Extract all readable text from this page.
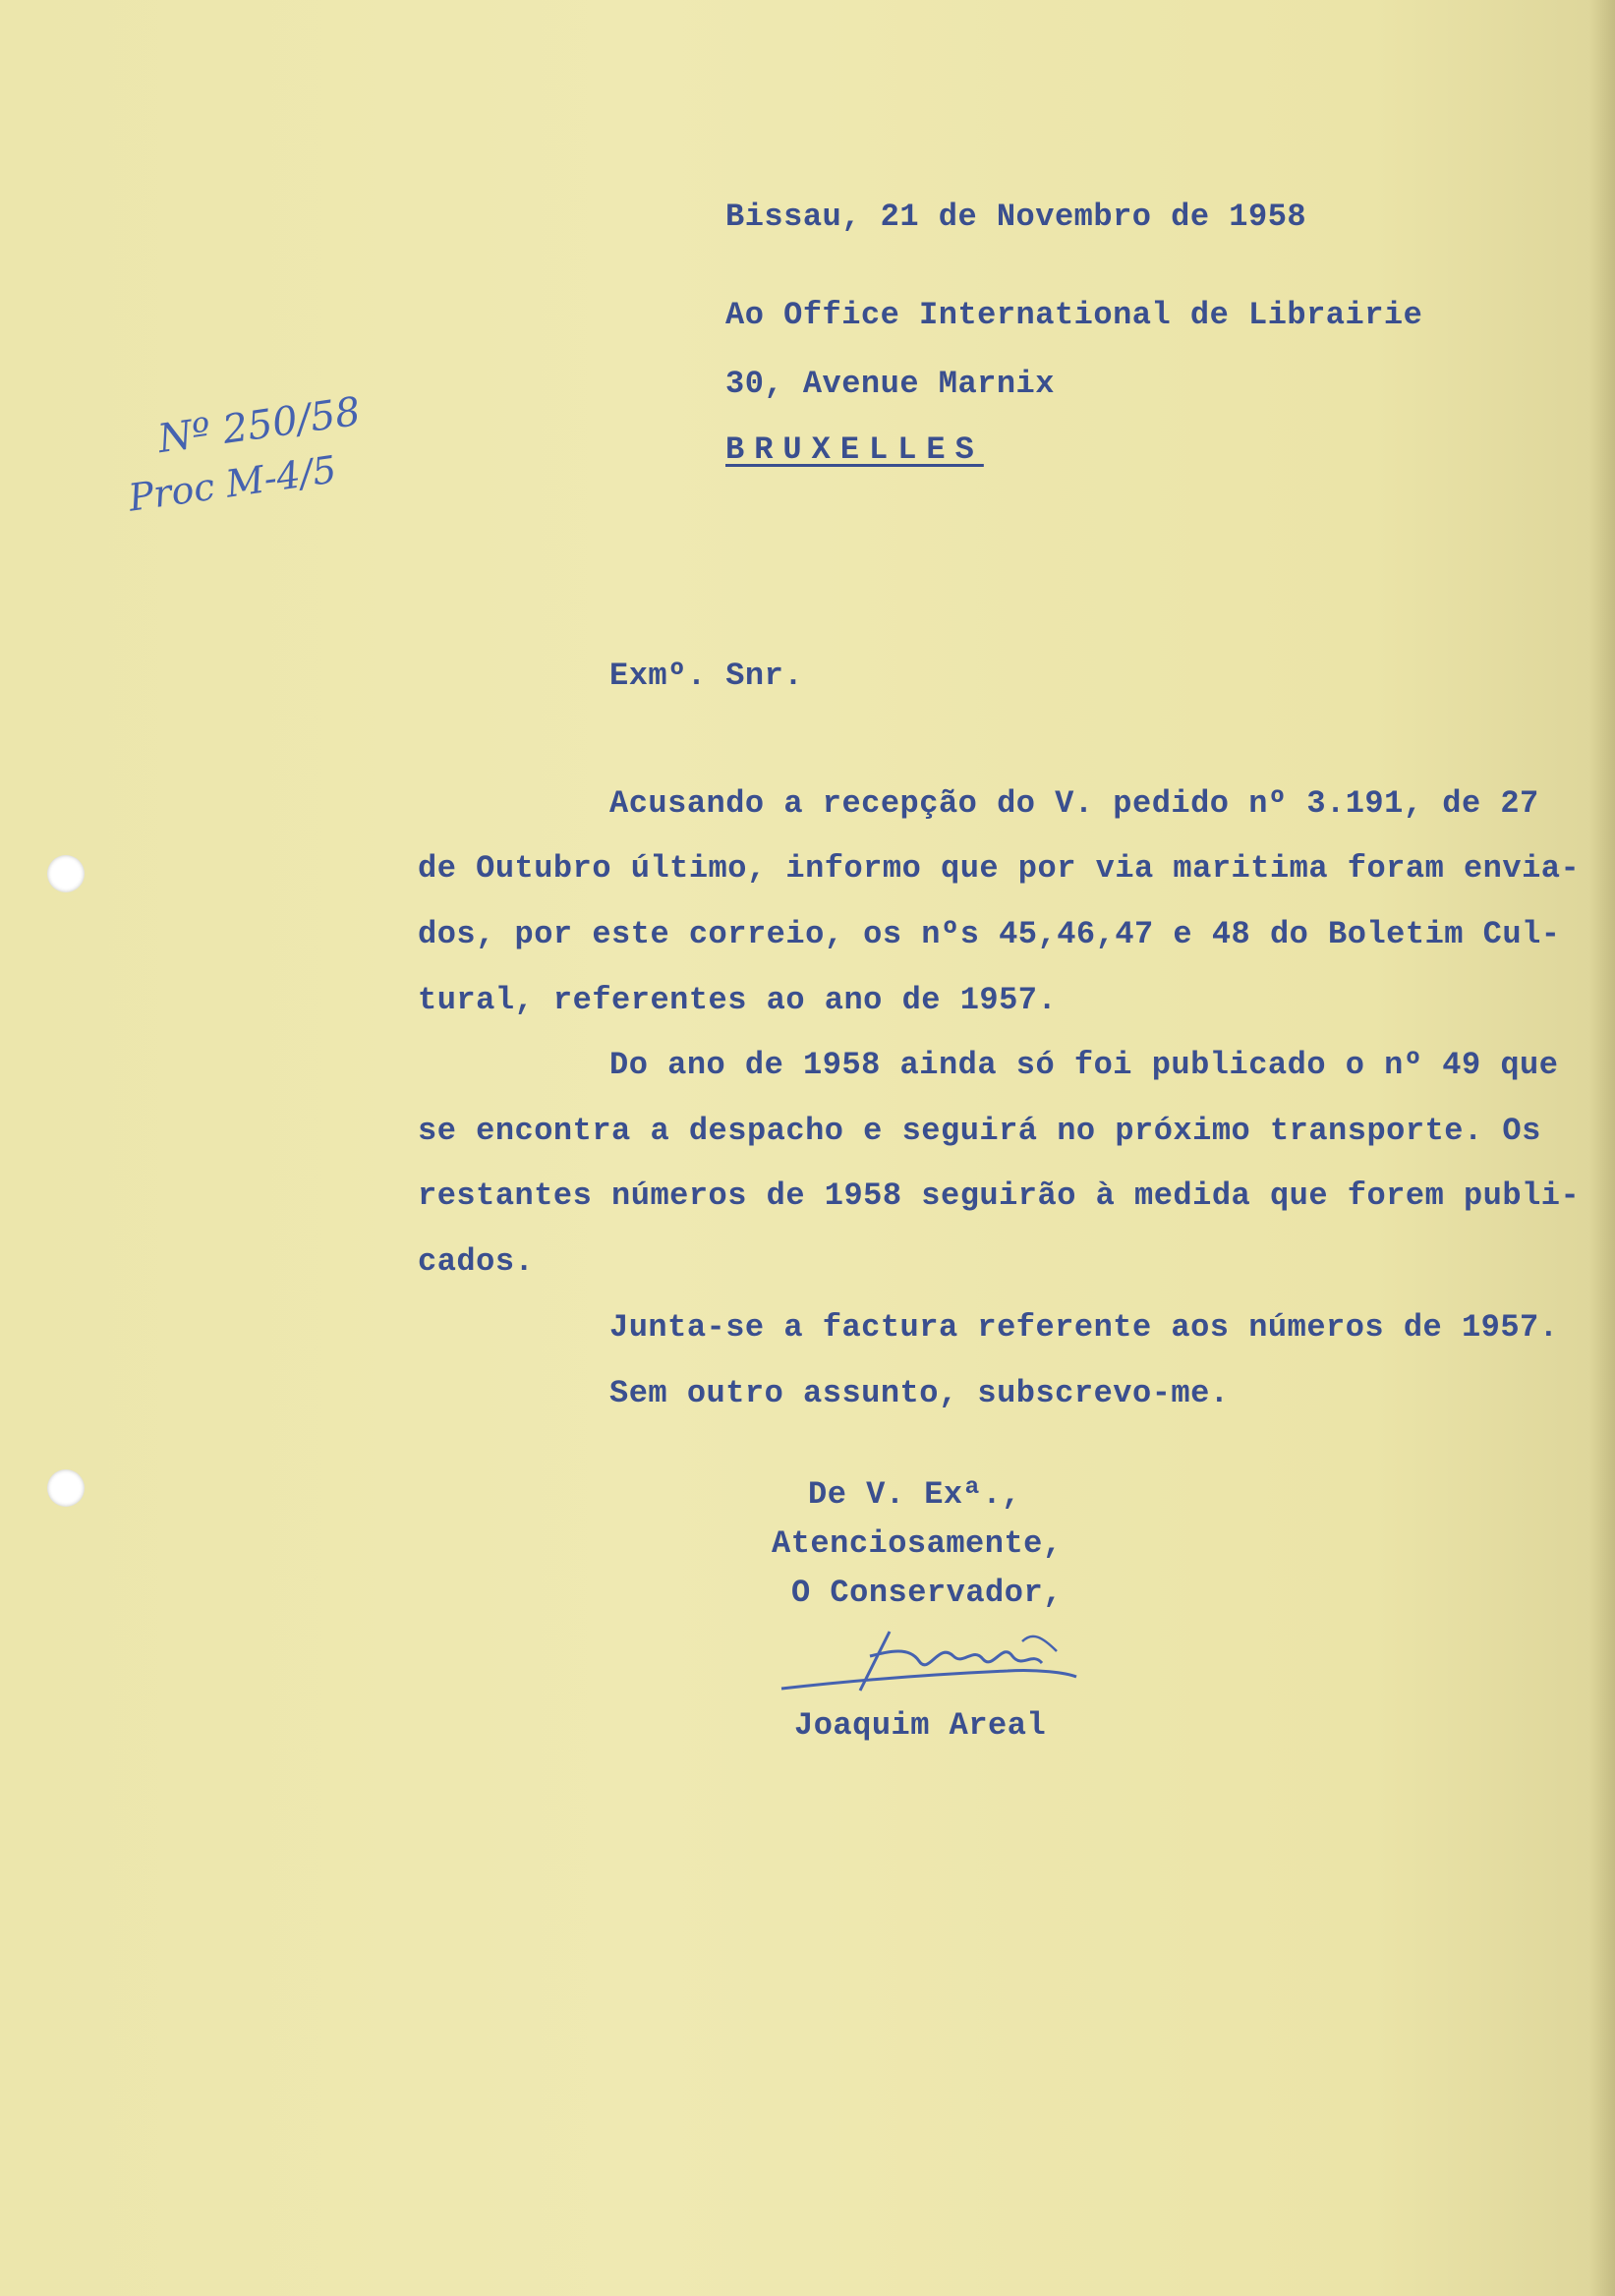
Bissau, 21 de Novembro de 1958
Ao Office International de Librairie
30, Avenue Marnix
BRUXELLES
Nº 250/58
Proc M-4/5
Exmº. Snr.
Acusando a recepção do V. pedido nº 3.191, de 27
de Outubro último, informo que por via maritima foram envia-
dos, por este correio, os nºs 45,46,47 e 48 do Boletim Cul-
tural, referentes ao ano de 1957.
Do ano de 1958 ainda só foi publicado o nº 49 que
se encontra a despacho e seguirá no próximo transporte. Os
restantes números de 1958 seguirão à medida que forem publi-
cados.
Junta-se a factura referente aos números de 1957.
Sem outro assunto, subscrevo-me.
De V. Exª.,
Atenciosamente,
O Conservador,
Joaquim Areal
